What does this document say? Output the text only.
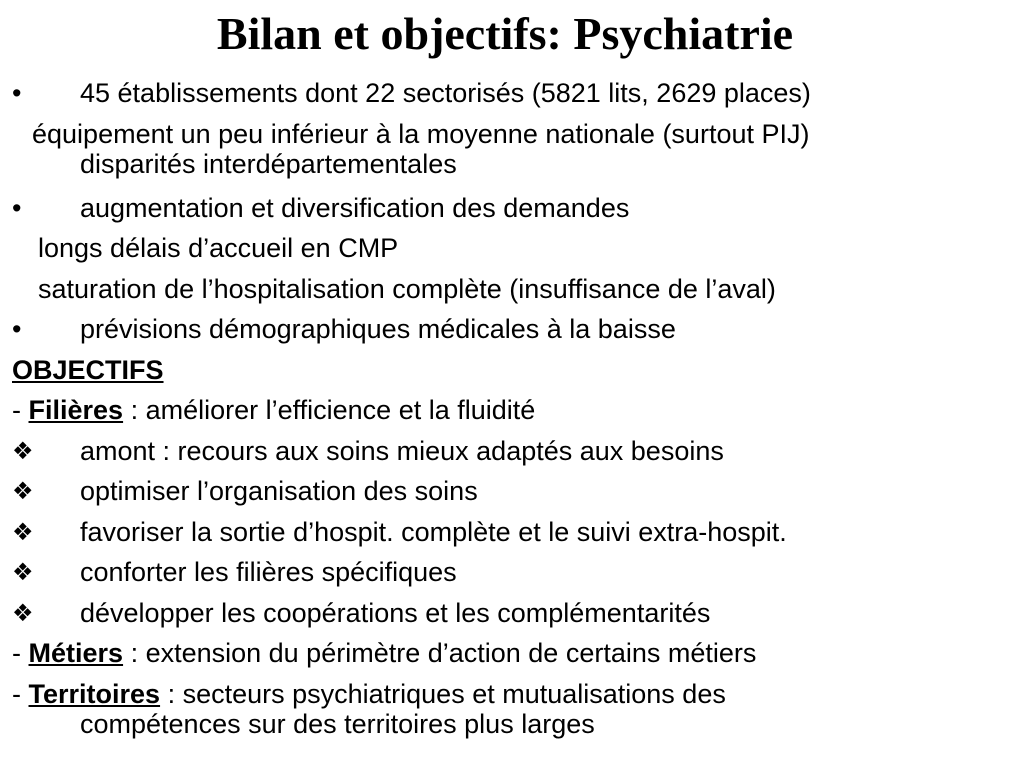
Bilan et objectifs: Psychiatrie
• 45 établissements dont 22 sectorisés (5821 lits, 2629 places)
équipement un peu inférieur à la moyenne nationale (surtout PIJ)
disparités interdépartementales
• augmentation et diversification des demandes
longs délais d’accueil en CMP
saturation de l’hospitalisation complète (insuffisance de l’aval)
• prévisions démographiques médicales à la baisse
OBJECTIFS
- Filières : améliorer l’efficience et la fluidité
❖ amont : recours aux soins mieux adaptés aux besoins
❖ optimiser l’organisation des soins
❖ favoriser la sortie d’hospit. complète et le suivi extra-hospit.
❖ conforter les filières spécifiques
❖ développer les coopérations et les complémentarités
- Métiers : extension du périmètre d’action de certains métiers
- Territoires : secteurs psychiatriques et mutualisations des
compétences sur des territoires plus larges
